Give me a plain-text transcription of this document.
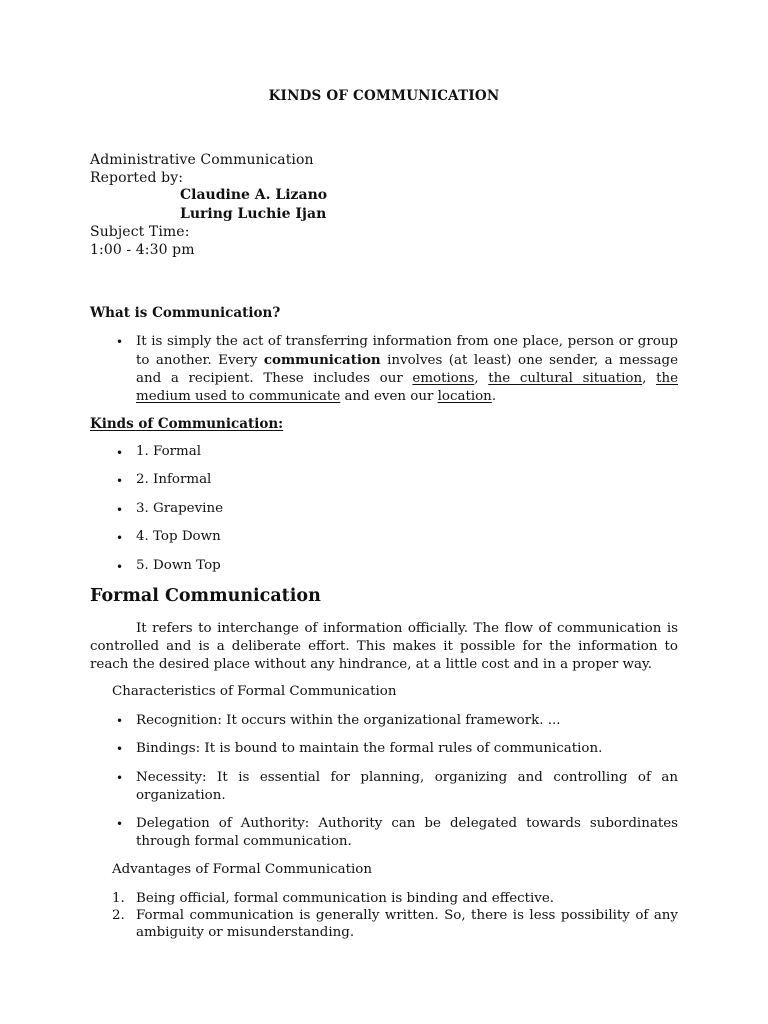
KINDS OF COMMUNICATION
Administrative Communication
Reported by:
Claudine A. Lizano
Luring Luchie Ijan
Subject Time:
1:00 - 4:30 pm
What is Communication?
• It is simply the act of transferring information from one place, person or group to another. Every communication involves (at least) one sender, a message and a recipient. These includes our emotions, the cultural situation, the medium used to communicate and even our location.
Kinds of Communication:
• 1. Formal
• 2. Informal
• 3. Grapevine
• 4. Top Down
• 5. Down Top
Formal Communication
It refers to interchange of information officially. The flow of communication is controlled and is a deliberate effort. This makes it possible for the information to reach the desired place without any hindrance, at a little cost and in a proper way.
Characteristics of Formal Communication
• Recognition: It occurs within the organizational framework. ...
• Bindings: It is bound to maintain the formal rules of communication.
• Necessity: It is essential for planning, organizing and controlling of an organization.
• Delegation of Authority: Authority can be delegated towards subordinates through formal communication.
Advantages of Formal Communication
1. Being official, formal communication is binding and effective.
2. Formal communication is generally written. So, there is less possibility of any ambiguity or misunderstanding.
